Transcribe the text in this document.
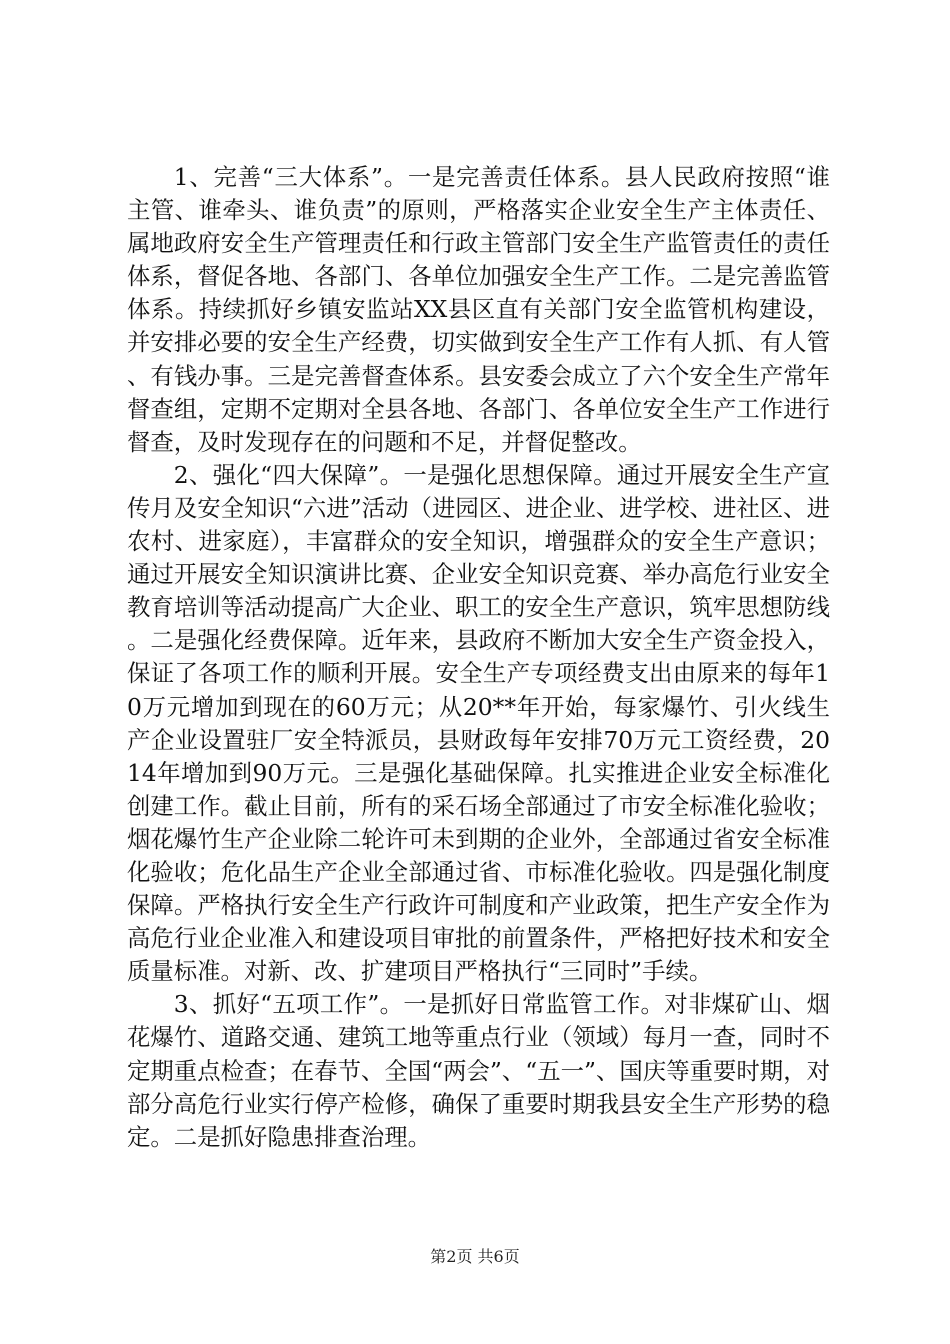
1、完善“三大体系”。一是完善责任体系。县人民政府按照“谁主管、谁牵头、谁负责”的原则，严格落实企业安全生产主体责任、属地政府安全生产管理责任和行政主管部门安全生产监管责任的责任体系，督促各地、各部门、各单位加强安全生产工作。二是完善监管体系。持续抓好乡镇安监站XX县区直有关部门安全监管机构建设，并安排必要的安全生产经费，切实做到安全生产工作有人抓、有人管、有钱办事。三是完善督查体系。县安委会成立了六个安全生产常年督查组，定期不定期对全县各地、各部门、各单位安全生产工作进行督查，及时发现存在的问题和不足，并督促整改。

2、强化“四大保障”。一是强化思想保障。通过开展安全生产宣传月及安全知识“六进”活动（进园区、进企业、进学校、进社区、进农村、进家庭），丰富群众的安全知识，增强群众的安全生产意识；通过开展安全知识演讲比赛、企业安全知识竞赛、举办高危行业安全教育培训等活动提高广大企业、职工的安全生产意识，筑牢思想防线。二是强化经费保障。近年来，县政府不断加大安全生产资金投入，保证了各项工作的顺利开展。安全生产专项经费支出由原来的每年10万元增加到现在的60万元；从20**年开始，每家爆竹、引火线生产企业设置驻厂安全特派员，县财政每年安排70万元工资经费，2014年增加到90万元。三是强化基础保障。扎实推进企业安全标准化创建工作。截止目前，所有的采石场全部通过了市安全标准化验收；烟花爆竹生产企业除二轮许可未到期的企业外，全部通过省安全标准化验收；危化品生产企业全部通过省、市标准化验收。四是强化制度保障。严格执行安全生产行政许可制度和产业政策，把生产安全作为高危行业企业准入和建设项目审批的前置条件，严格把好技术和安全质量标准。对新、改、扩建项目严格执行“三同时”手续。

3、抓好“五项工作”。一是抓好日常监管工作。对非煤矿山、烟花爆竹、道路交通、建筑工地等重点行业（领域）每月一查，同时不定期重点检查；在春节、全国“两会”、“五一”、国庆等重要时期，对部分高危行业实行停产检修，确保了重要时期我县安全生产形势的稳定。二是抓好隐患排查治理。

第2页 共6页
